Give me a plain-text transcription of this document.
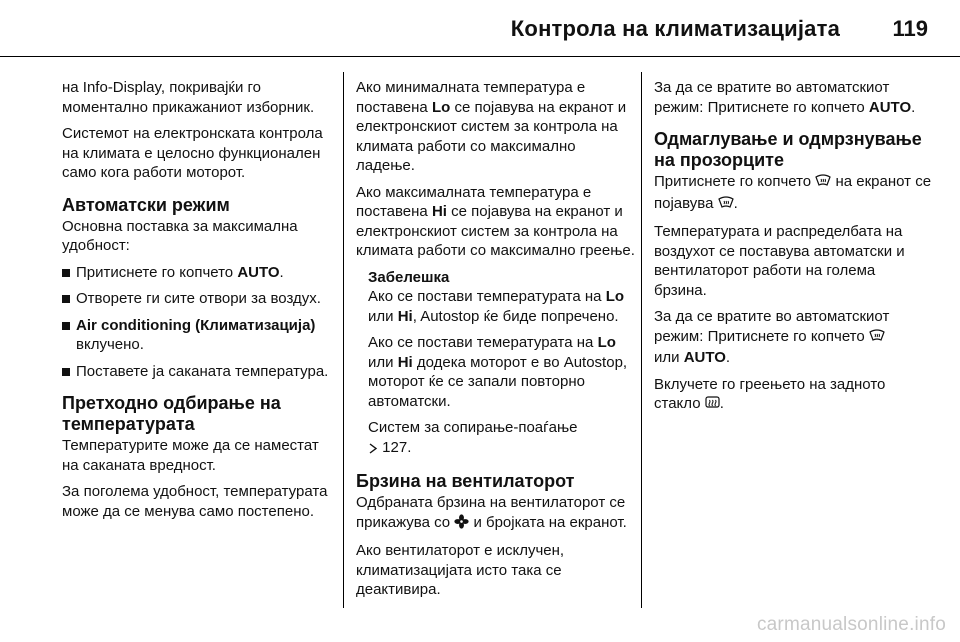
Контрола на климатизацијата 119

на Info-Display, покривајќи го моментално прикажаниот изборник.

Системот на електронската контрола на климата е целосно функционален само кога работи моторот.

Автоматски режим

Основна поставка за максимална удобност:

Притиснете го копчето AUTO.
Отворете ги сите отвори за воздух.
Air conditioning (Климатизација) вклучено.
Поставете ја саканата температура.
Претходно одбирање на температурата

Температурите може да се наместат на саканата вредност.

За поголема удобност, температурата може да се менува само постепено.

Ако минималната температура е поставена Lo се појавува на екранот и електронскиот систем за контрола на климата работи со максимално ладење.

Ако максималната температура е поставена Hi се појавува на екранот и електронскиот систем за контрола на климата работи со максимално греење.

Забелешка

Ако се постави температурата на Lo или Hi, Autostop ќе биде попречено.

Ако се постави темературата на Lo или Hi додека моторот е во Autostop, моторот ќе се запали повторно автоматски.

Систем за сопирање-поаѓање
127.

Брзина на вентилаторот

Одбраната брзина на вентилаторот се прикажува со  и бројката на екранот.

Ако вентилаторот е исклучен, климатизацијата исто така се деактивира.

За да се вратите во автоматскиот режим: Притиснете го копчето AUTO.

Одмаглување и одмрзнување на прозорците

Притиснете го копчето  на екранот се појавува .

Температурата и распределбата на воздухот се поставува автоматски и вентилаторот работи на голема брзина.

За да се вратите во автоматскиот режим: Притиснете го копчето
или AUTO.

Вклучете го греењето на задното стакло .

carmanualsonline.info
